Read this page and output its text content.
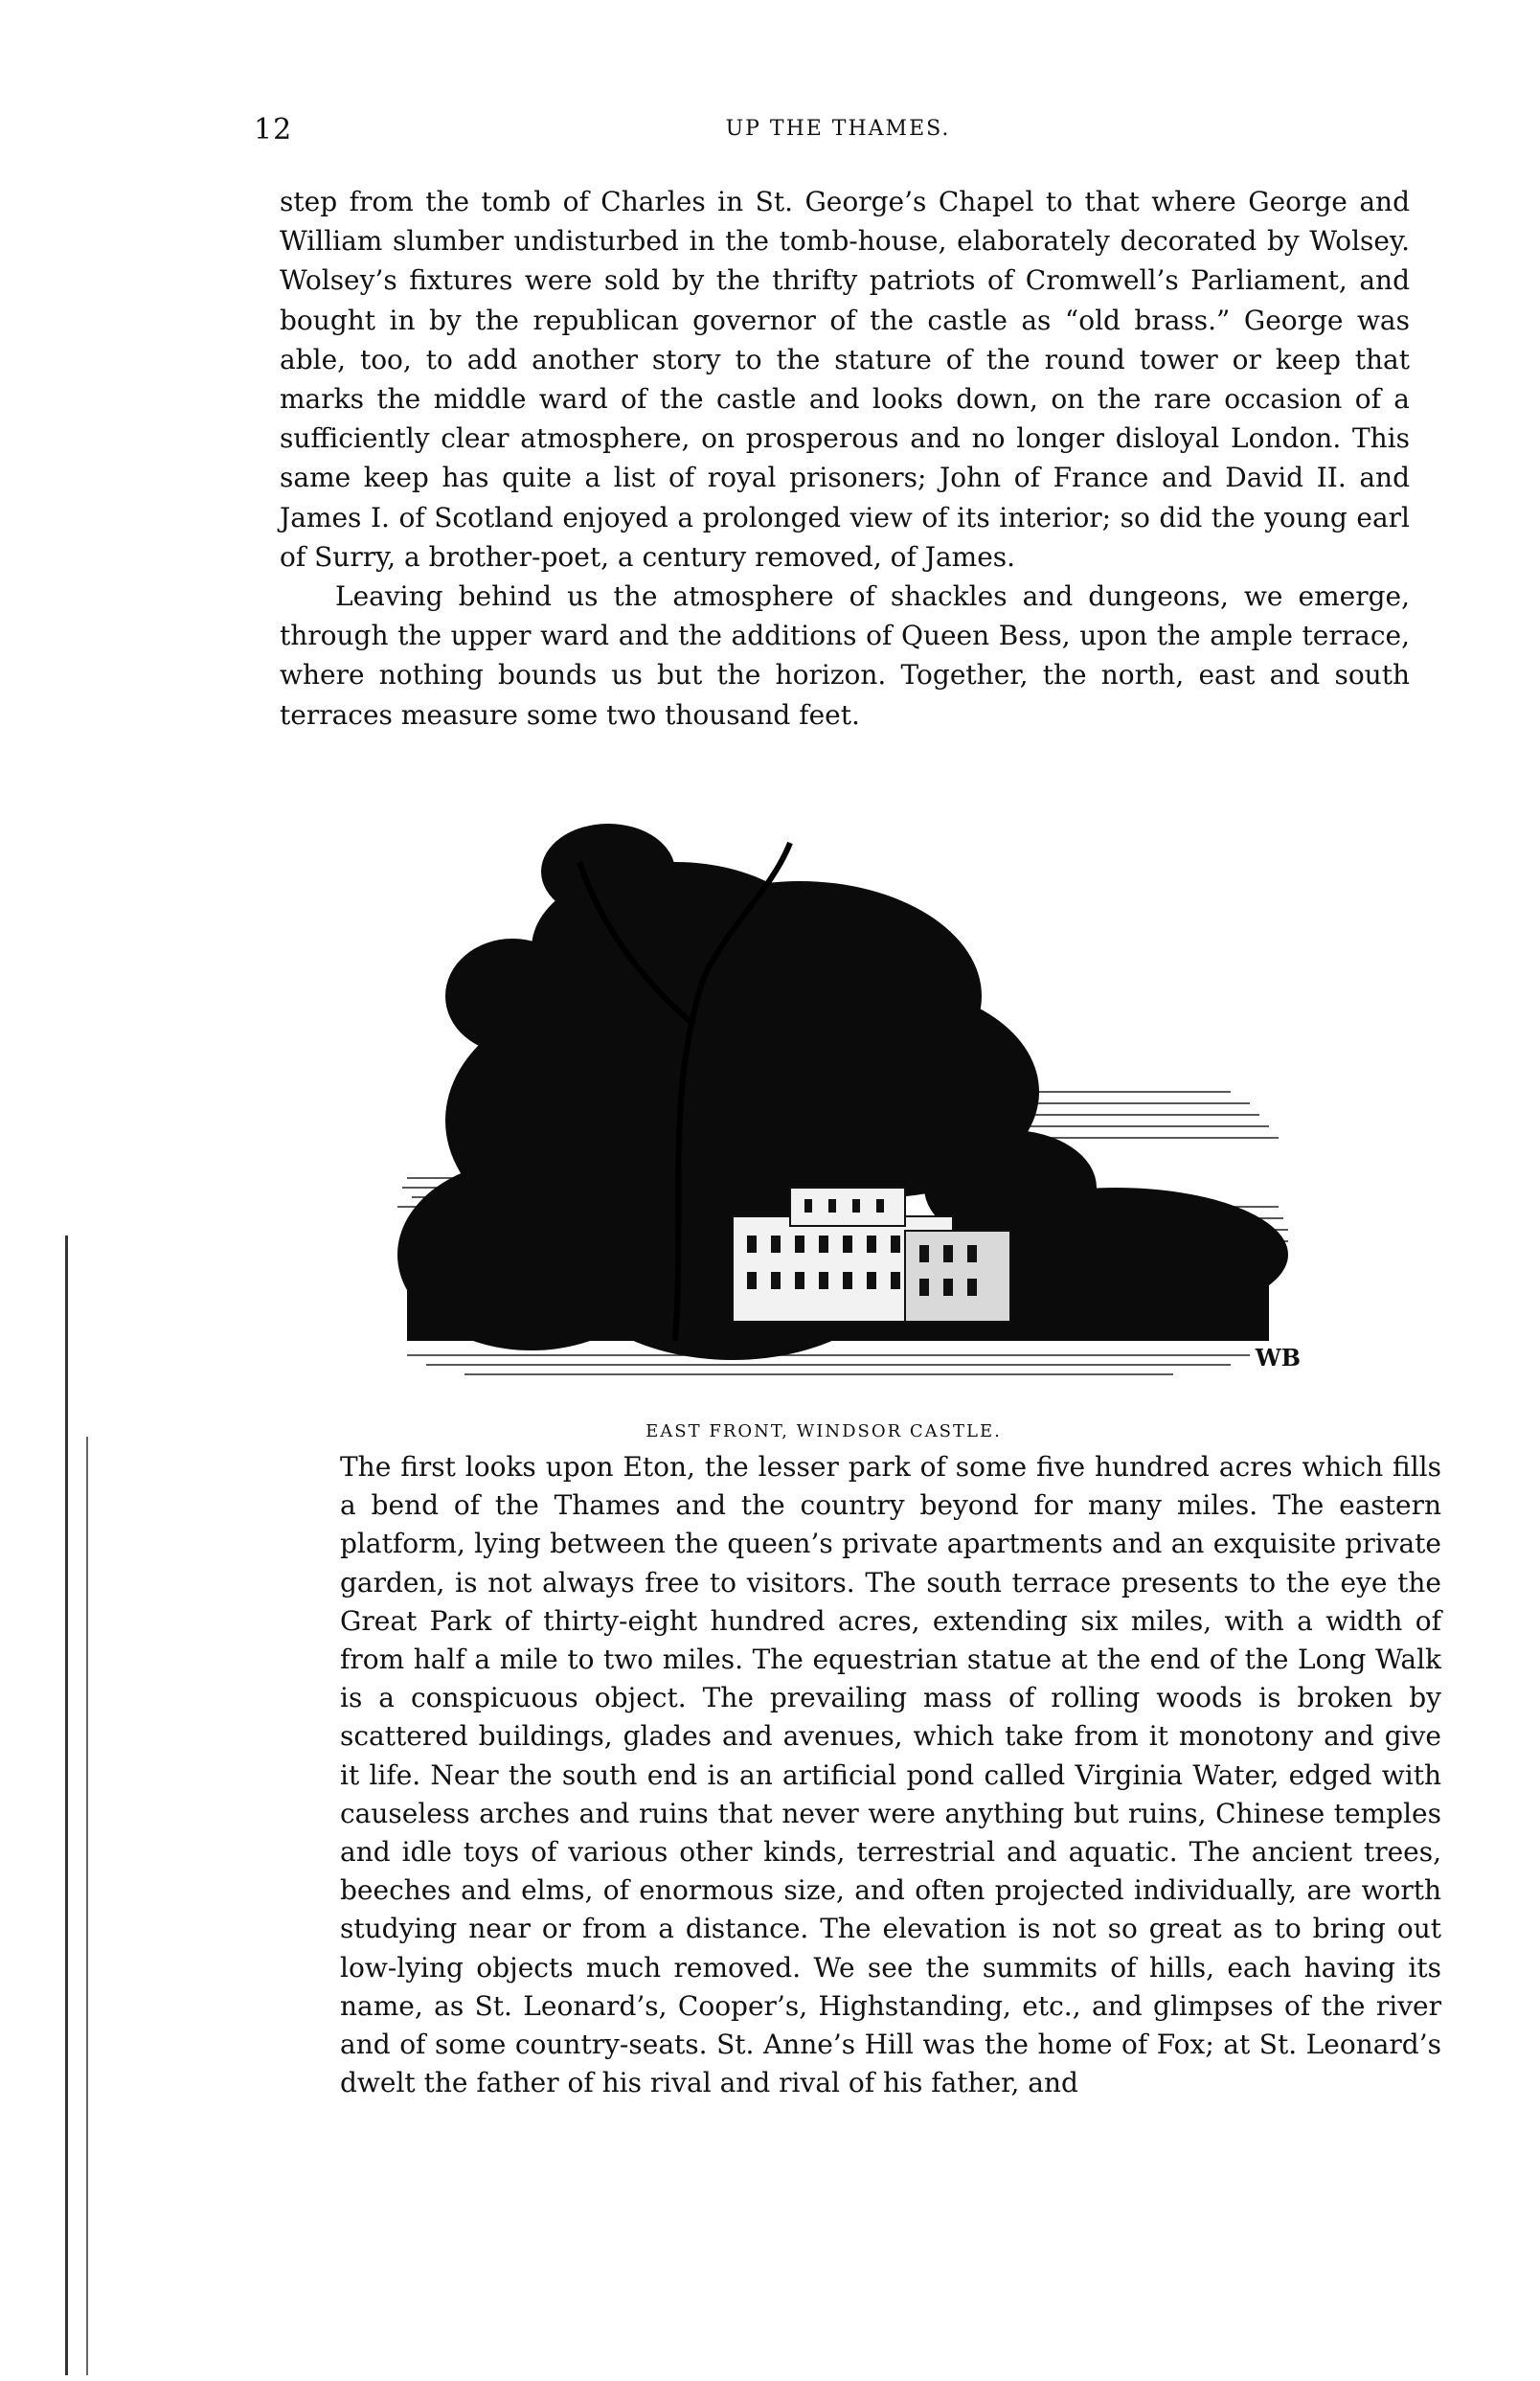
12	UP THE THAMES.

step from the tomb of Charles in St. George’s Chapel to that where George and William slumber undisturbed in the tomb-house, elaborately decorated by Wolsey. Wolsey’s fixtures were sold by the thrifty patriots of Cromwell’s Parliament, and bought in by the republican governor of the castle as “old brass.” George was able, too, to add another story to the stature of the round tower or keep that marks the middle ward of the castle and looks down, on the rare occasion of a sufficiently clear atmosphere, on prosperous and no longer disloyal London. This same keep has quite a list of royal prisoners; John of France and David II. and James I. of Scotland enjoyed a prolonged view of its interior; so did the young earl of Surry, a brother-poet, a century removed, of James.

Leaving behind us the atmosphere of shackles and dungeons, we emerge, through the upper ward and the additions of Queen Bess, upon the ample terrace, where nothing bounds us but the horizon. Together, the north, east and south terraces measure some two thousand feet.

WB
EAST FRONT, WINDSOR CASTLE.

The first looks upon Eton, the lesser park of some five hundred acres which fills a bend of the Thames and the country beyond for many miles. The eastern platform, lying between the queen’s private apartments and an exquisite private garden, is not always free to visitors. The south terrace presents to the eye the Great Park of thirty-eight hundred acres, extending six miles, with a width of from half a mile to two miles. The equestrian statue at the end of the Long Walk is a conspicuous object. The prevailing mass of rolling woods is broken by scattered buildings, glades and avenues, which take from it monotony and give it life. Near the south end is an artificial pond called Virginia Water, edged with causeless arches and ruins that never were anything but ruins, Chinese temples and idle toys of various other kinds, terrestrial and aquatic. The ancient trees, beeches and elms, of enormous size, and often projected individually, are worth studying near or from a distance. The elevation is not so great as to bring out low-lying objects much removed. We see the summits of hills, each having its name, as St. Leonard’s, Cooper’s, Highstanding, etc., and glimpses of the river and of some country-seats. St. Anne’s Hill was the home of Fox; at St. Leonard’s dwelt the father of his rival and rival of his father, and
